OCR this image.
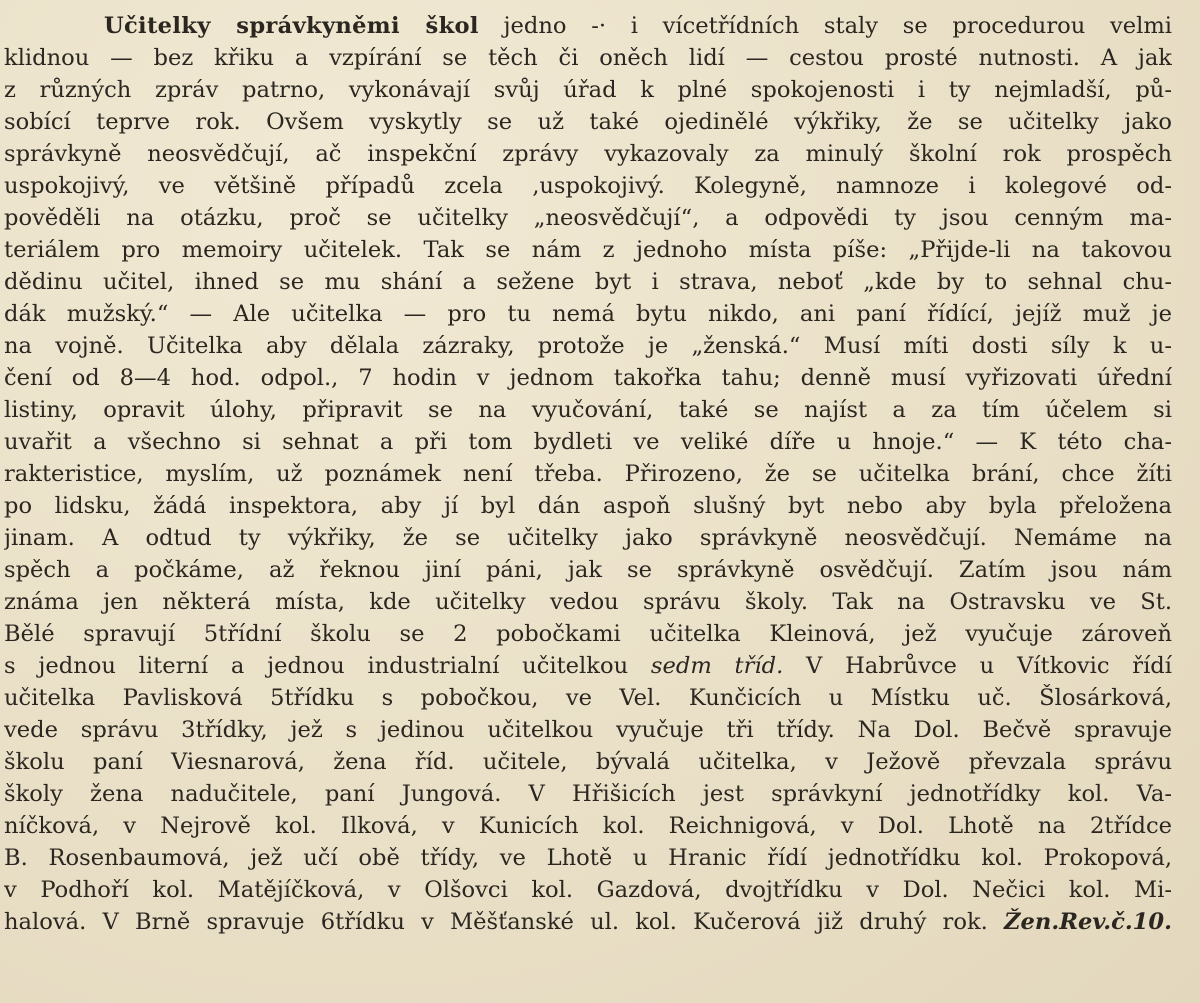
Učitelky správkyněmi škol jedno -· i vícetřídních staly se procedurou velmi
klidnou — bez křiku a vzpírání se těch či oněch lidí — cestou prosté nutnosti. A jak
z různých zpráv patrno, vykonávají svůj úřad k plné spokojenosti i ty nejmladší, pů-
sobící teprve rok. Ovšem vyskytly se už také ojedinělé výkřiky, že se učitelky jako
správkyně neosvědčují, ač inspekční zprávy vykazovaly za minulý školní rok prospěch
uspokojivý, ve většině případů zcela ‚uspokojivý. Kolegyně, namnoze i kolegové od-
pověděli na otázku, proč se učitelky „neosvědčují“, a odpovědi ty jsou cenným ma-
teriálem pro memoiry učitelek. Tak se nám z jednoho místa píše: „Přijde-li na takovou
dědinu učitel, ihned se mu shání a seženе byt i strava, neboť „kde by to sehnal chu-
dák mužský.“ — Ale učitelka — pro tu nemá bytu nikdo, ani paní řídící, jejíž muž je
na vojně. Učitelka aby dělala zázraky, protože je „ženská.“ Musí míti dosti síly k u-
čení od 8—4 hod. odpol., 7 hodin v jednom takořka tahu; denně musí vyřizovati úřední
listiny, opravit úlohy, připravit se na vyučování, také se najíst a za tím účelem si
uvařit a všechno si sehnat a při tom bydleti ve veliké díře u hnoje.“ — K této cha-
rakteristice, myslím, už poznámek není třeba. Přirozeno, že se učitelka brání, chce žíti
po lidsku, žádá inspektora, aby jí byl dán aspoň slušný byt nebo aby byla přeložena
jinam. A odtud ty výkřiky, že se učitelky jako správkyně neosvědčují. Nemáme na
spěch a počkáme, až řeknou jiní páni, jak se správkyně osvědčují. Zatím jsou nám
známa jen některá místa, kde učitelky vedou správu školy. Tak na Ostravsku ve St.
Bělé spravují 5třídní školu se 2 pobočkami učitelka Kleinová, jež vyučuje zároveň
s jednou literní a jednou industrialní učitelkou sedm tříd. V Habrůvce u Vítkovic řídí
učitelka Pavlisková 5třídku s pobočkou, ve Vel. Kunčicích u Místku uč. Šlosárková,
vede správu 3třídky, jež s jedinou učitelkou vyučuje tři třídy. Na Dol. Bečvě spravuje
školu paní Viesnarová, žena říd. učitele, bývalá učitelka, v Ježově převzala správu
školy žena nadučitele, paní Jungová. V Hřišicích jest správkyní jednotřídky kol. Va-
níčková, v Nejrově kol. Ilková, v Kunicích kol. Reichnigová, v Dol. Lhotě na 2třídce
B. Rosenbaumová, jež učí obě třídy, ve Lhotě u Hranic řídí jednotřídku kol. Prokopová,
v Podhoří kol. Matějíčková, v Olšovci kol. Gazdová, dvojtřídku v Dol. Nečici kol. Mi-
halová. V Brně spravuje 6třídku v Měšťanské ul. kol. Kučerová již druhý rok. Žen.Rev.č.10.
